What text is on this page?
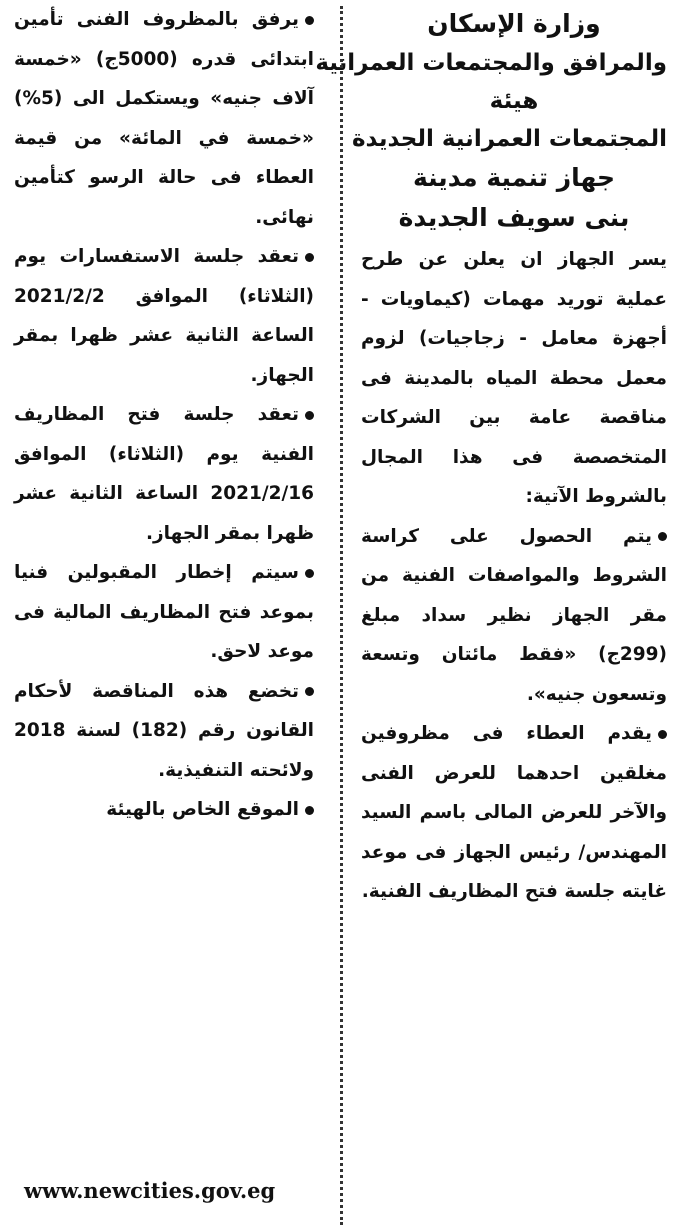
وزارة الإسكان
والمرافق والمجتمعات العمرانية
هيئة
المجتمعات العمرانية الجديدة
جهاز تنمية مدينة
بنى سويف الجديدة

يسر الجهاز ان يعلن عن طرح عملية توريد مهمات (كيماويات - أجهزة معامل - زجاجيات) لزوم معمل محطة المياه بالمدينة فى مناقصة عامة بين الشركات المتخصصة فى هذا المجال بالشروط الآتية:

يتم الحصول على كراسة الشروط والمواصفات الفنية من مقر الجهاز نظير سداد مبلغ (299ج) «فقط مائتان وتسعة وتسعون جنيه».

يقدم العطاء فى مظروفين مغلقين احدهما للعرض الفنى والآخر للعرض المالى باسم السيد المهندس/ رئيس الجهاز فى موعد غايته جلسة فتح المظاريف الفنية.

يرفق بالمظروف الفنى تأمين ابتدائى قدره (5000ج) «خمسة آلاف جنيه» ويستكمل الى (5%) «خمسة في المائة» من قيمة العطاء فى حالة الرسو كتأمين نهائى.

تعقد جلسة الاستفسارات يوم (الثلاثاء) الموافق 2021/2/2 الساعة الثانية عشر ظهرا بمقر الجهاز.

تعقد جلسة فتح المظاريف الفنية يوم (الثلاثاء) الموافق 2021/2/16 الساعة الثانية عشر ظهرا بمقر الجهاز.

سيتم إخطار المقبولين فنيا بموعد فتح المظاريف المالية فى موعد لاحق.

تخضع هذه المناقصة لأحكام القانون رقم (182) لسنة 2018 ولائحته التنفيذية.

الموقع الخاص بالهيئة

www.newcities.gov.eg
